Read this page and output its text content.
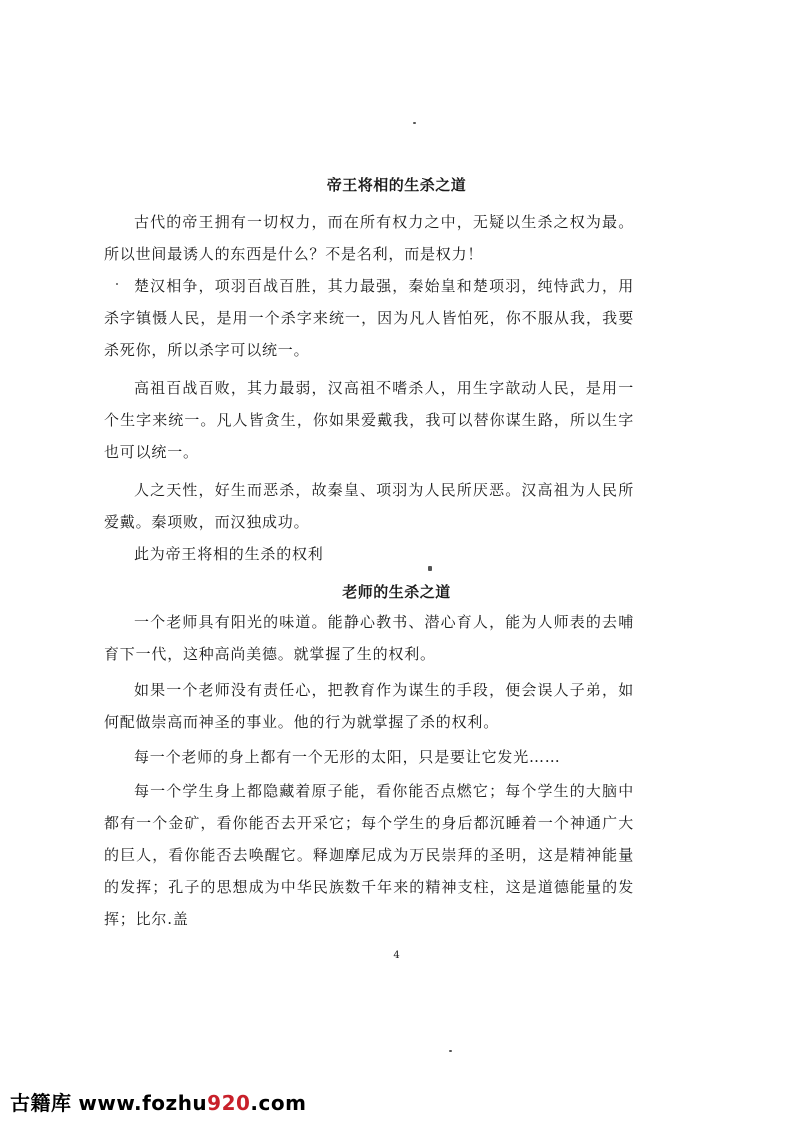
帝王将相的生杀之道
古代的帝王拥有一切权力，而在所有权力之中，无疑以生杀之权为最。所以世间最诱人的东西是什么？不是名利，而是权力！
楚汉相争，项羽百战百胜，其力最强，秦始皇和楚项羽，纯恃武力，用杀字镇慑人民，是用一个杀字来统一，因为凡人皆怕死，你不服从我，我要杀死你，所以杀字可以统一。
高祖百战百败，其力最弱，汉高祖不嗜杀人，用生字歆动人民，是用一个生字来统一。凡人皆贪生，你如果爱戴我，我可以替你谋生路，所以生字也可以统一。
人之天性，好生而恶杀，故秦皇、项羽为人民所厌恶。汉高祖为人民所爱戴。秦项败，而汉独成功。
此为帝王将相的生杀的权利
老师的生杀之道
一个老师具有阳光的味道。能静心教书、潜心育人，能为人师表的去哺育下一代，这种高尚美德。就掌握了生的权利。
如果一个老师没有责任心，把教育作为谋生的手段，便会误人子弟，如何配做崇高而神圣的事业。他的行为就掌握了杀的权利。
每一个老师的身上都有一个无形的太阳，只是要让它发光……
每一个学生身上都隐藏着原子能，看你能否点燃它；每个学生的大脑中都有一个金矿，看你能否去开采它；每个学生的身后都沉睡着一个神通广大的巨人，看你能否去唤醒它。释迦摩尼成为万民崇拜的圣明，这是精神能量的发挥；孔子的思想成为中华民族数千年来的精神支柱，这是道德能量的发挥；比尔.盖
4
古籍库 www.fozhu920.com
